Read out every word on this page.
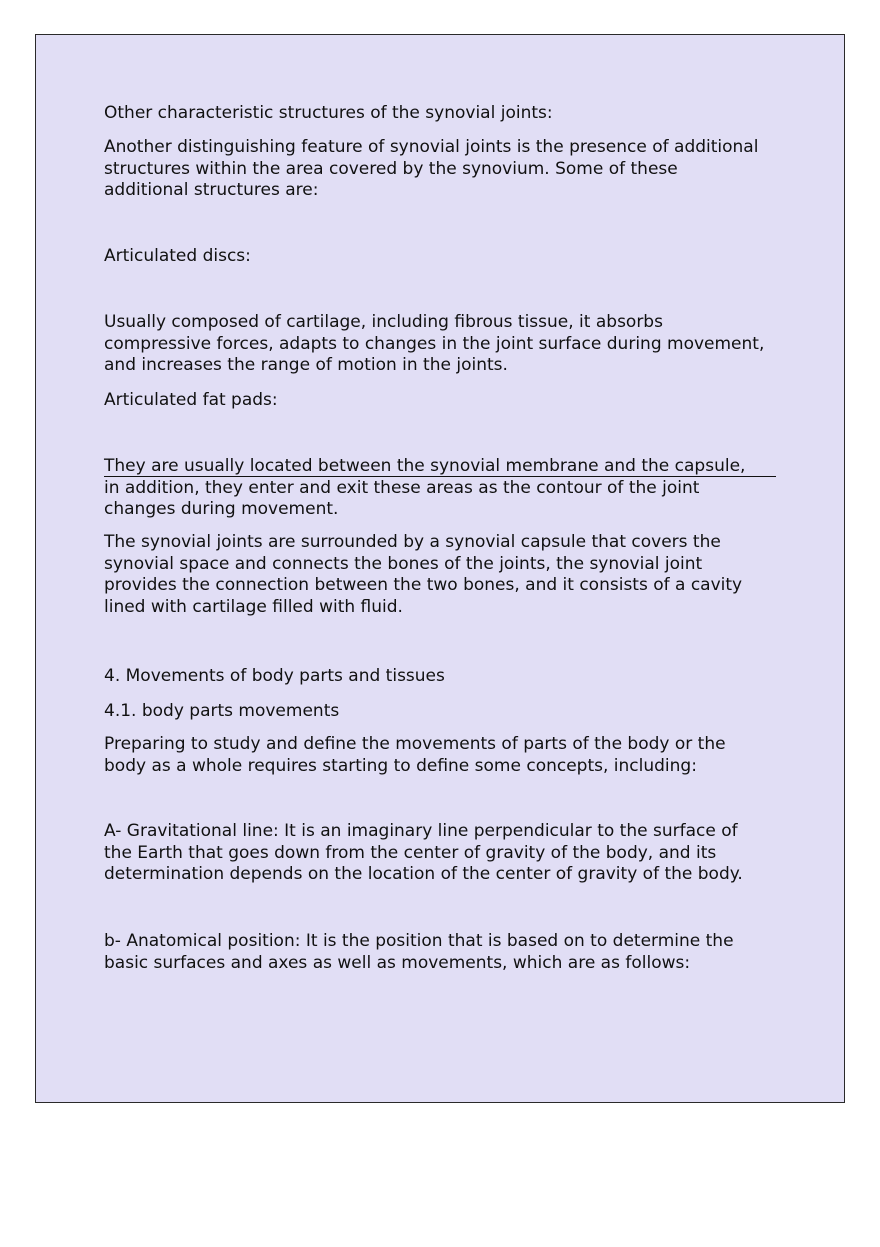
Other characteristic structures of the synovial joints:

Another distinguishing feature of synovial joints is the presence of additional
structures within the area covered by the synovium. Some of these
additional structures are:

Articulated discs:

Usually composed of cartilage, including fibrous tissue, it absorbs
compressive forces, adapts to changes in the joint surface during movement,
and increases the range of motion in the joints.

Articulated fat pads:

They are usually located between the synovial membrane and the capsule,
in addition, they enter and exit these areas as the contour of the joint
changes during movement.

The synovial joints are surrounded by a synovial capsule that covers the
synovial space and connects the bones of the joints, the synovial joint
provides the connection between the two bones, and it consists of a cavity
lined with cartilage filled with fluid.

4. Movements of body parts and tissues

4.1. body parts movements

Preparing to study and define the movements of parts of the body or the
body as a whole requires starting to define some concepts, including:

A- Gravitational line: It is an imaginary line perpendicular to the surface of
the Earth that goes down from the center of gravity of the body, and its
determination depends on the location of the center of gravity of the body.

b- Anatomical position: It is the position that is based on to determine the
basic surfaces and axes as well as movements, which are as follows:
